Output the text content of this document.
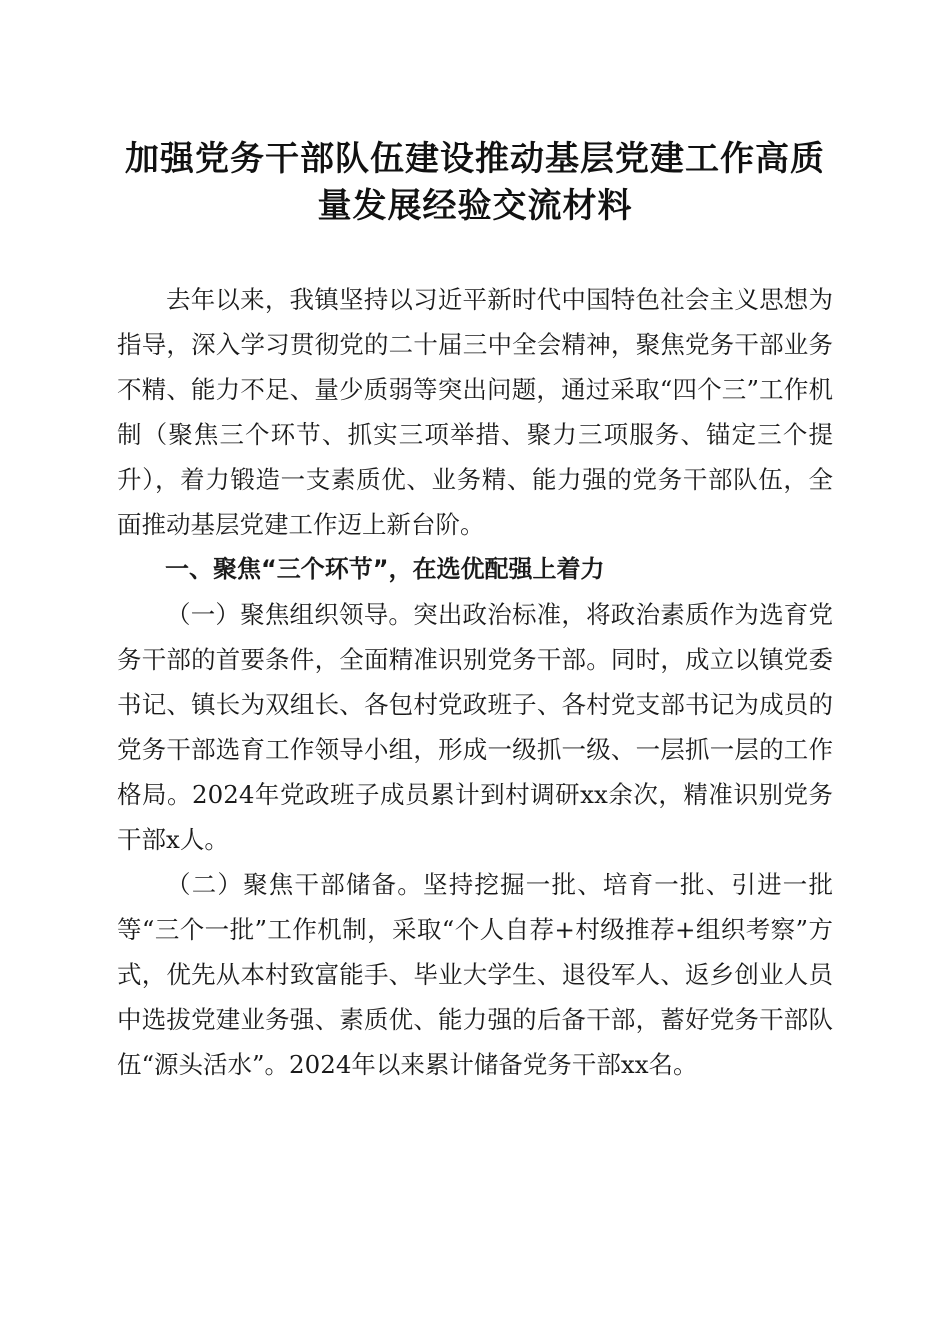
加强党务干部队伍建设推动基层党建工作高质量发展经验交流材料

去年以来，我镇坚持以习近平新时代中国特色社会主义思想为指导，深入学习贯彻党的二十届三中全会精神，聚焦党务干部业务不精、能力不足、量少质弱等突出问题，通过采取“四个三”工作机制（聚焦三个环节、抓实三项举措、聚力三项服务、锚定三个提升），着力锻造一支素质优、业务精、能力强的党务干部队伍，全面推动基层党建工作迈上新台阶。

一、聚焦“三个环节”，在选优配强上着力

（一）聚焦组织领导。突出政治标准，将政治素质作为选育党务干部的首要条件，全面精准识别党务干部。同时，成立以镇党委书记、镇长为双组长、各包村党政班子、各村党支部书记为成员的党务干部选育工作领导小组，形成一级抓一级、一层抓一层的工作格局。2024年党政班子成员累计到村调研xx余次，精准识别党务干部x人。

（二）聚焦干部储备。坚持挖掘一批、培育一批、引进一批等“三个一批”工作机制，采取“个人自荐+村级推荐+组织考察”方式，优先从本村致富能手、毕业大学生、退役军人、返乡创业人员中选拔党建业务强、素质优、能力强的后备干部，蓄好党务干部队伍“源头活水”。2024年以来累计储备党务干部xx名。
